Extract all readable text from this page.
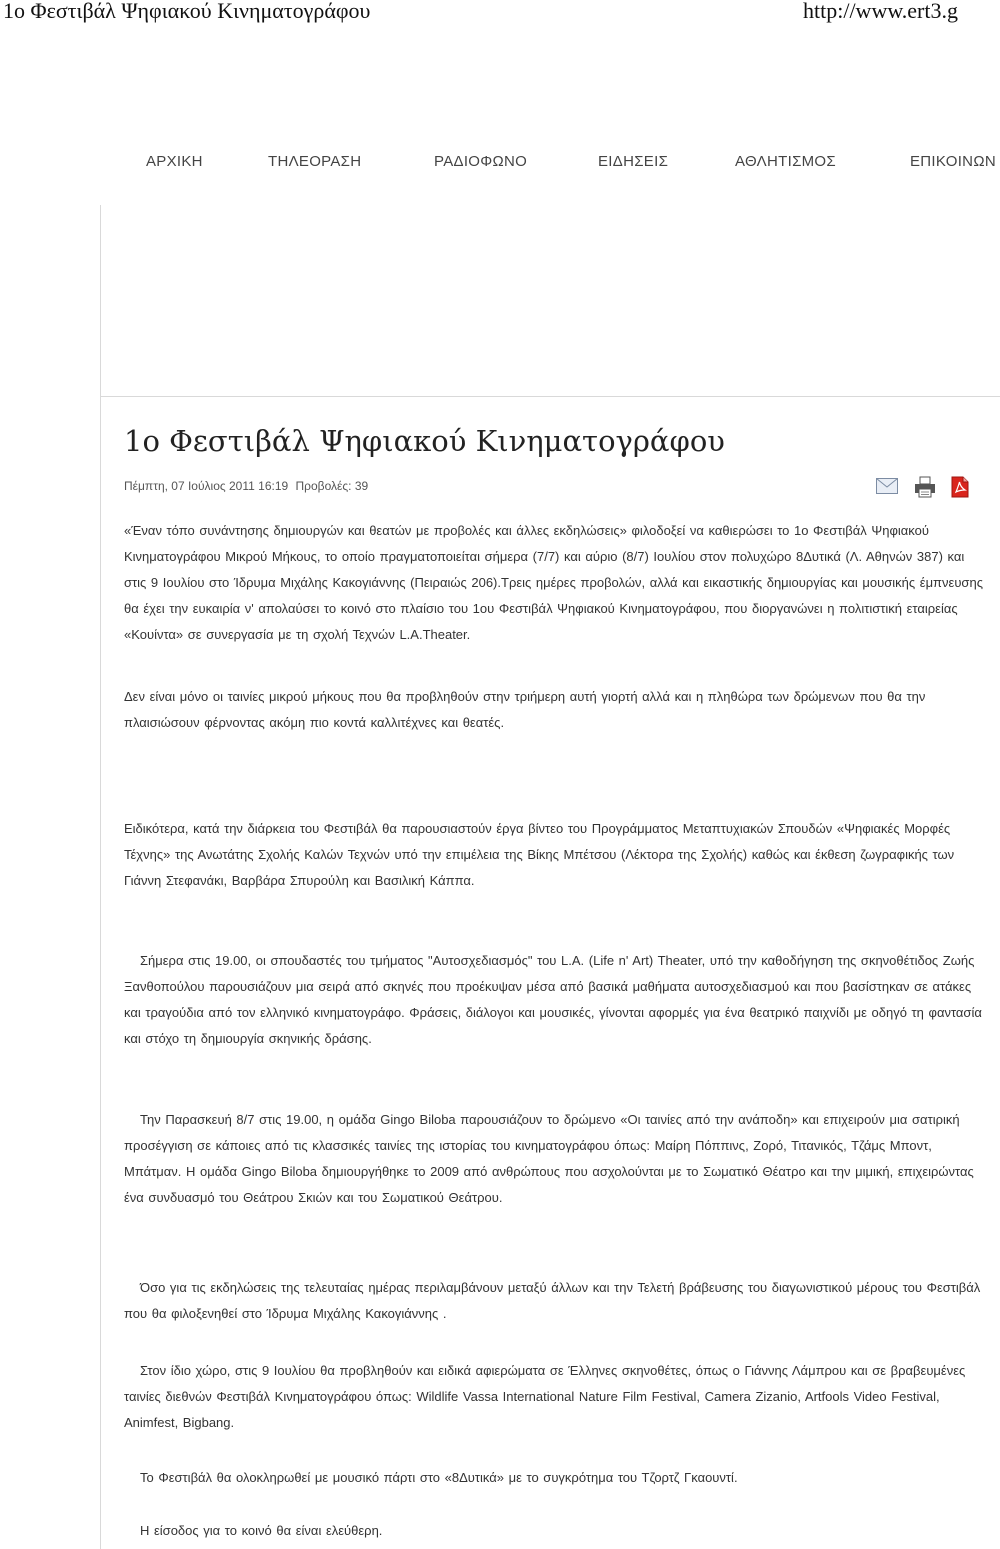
1ο Φεστιβάλ Ψηφιακού Κινηματογράφου	http://www.ert3.g
ΑΡΧΙΚΗ	ΤΗΛΕΟΡΑΣΗ	ΡΑΔΙΟΦΩΝΟ	ΕΙΔΗΣΕΙΣ	ΑΘΛΗΤΙΣΜΟΣ	ΕΠΙΚΟΙΝΩΝ
1ο Φεστιβάλ Ψηφιακού Κινηματογράφου
Πέμπτη, 07 Ιούλιος 2011 16:19 Προβολές: 39

«Έναν τόπο συνάντησης δημιουργών και θεατών με προβολές και άλλες εκδηλώσεις» φιλοδοξεί να καθιερώσει το 1ο Φεστιβάλ Ψηφιακού Κινηματογράφου Μικρού Μήκους, το οποίο πραγματοποιείται σήμερα (7/7) και αύριο (8/7) Ιουλίου στον πολυχώρο 8Δυτικά (Λ. Αθηνών 387) και στις 9 Ιουλίου στο Ίδρυμα Μιχάλης Κακογιάννης (Πειραιώς 206).Τρεις ημέρες προβολών, αλλά και εικαστικής δημιουργίας και μουσικής έμπνευσης θα έχει την ευκαιρία ν' απολαύσει το κοινό στο πλαίσιο του 1ου Φεστιβάλ Ψηφιακού Κινηματογράφου, που διοργανώνει η πολιτιστική εταιρείας «Κουίντα» σε συνεργασία με τη σχολή Τεχνών L.A.Theater.

Δεν είναι μόνο οι ταινίες μικρού μήκους που θα προβληθούν στην τριήμερη αυτή γιορτή αλλά και η πληθώρα των δρώμενων που θα την πλαισιώσουν φέρνοντας ακόμη πιο κοντά καλλιτέχνες και θεατές.

Ειδικότερα, κατά την διάρκεια του Φεστιβάλ θα παρουσιαστούν έργα βίντεο του Προγράμματος Μεταπτυχιακών Σπουδών «Ψηφιακές Μορφές Τέχνης» της Ανωτάτης Σχολής Καλών Τεχνών υπό την επιμέλεια της Βίκης Μπέτσου (Λέκτορα της Σχολής) καθώς και έκθεση ζωγραφικής των Γιάννη Στεφανάκι, Βαρβάρα Σπυρούλη και Βασιλική Κάππα.

Σήμερα στις 19.00, οι σπουδαστές του τμήματος "Αυτοσχεδιασμός" του L.A. (Life n' Art) Theater, υπό την καθοδήγηση της σκηνοθέτιδος Ζωής Ξανθοπούλου παρουσιάζουν μια σειρά από σκηνές που προέκυψαν μέσα από βασικά μαθήματα αυτοσχεδιασμού και που βασίστηκαν σε ατάκες και τραγούδια από τον ελληνικό κινηματογράφο. Φράσεις, διάλογοι και μουσικές, γίνονται αφορμές για ένα θεατρικό παιχνίδι με οδηγό τη φαντασία και στόχο τη δημιουργία σκηνικής δράσης.

Την Παρασκευή 8/7 στις 19.00, η ομάδα Gingo Biloba παρουσιάζουν το δρώμενο «Οι ταινίες από την ανάποδη» και επιχειρούν μια σατιρική προσέγγιση σε κάποιες από τις κλασσικές ταινίες της ιστορίας του κινηματογράφου όπως: Μαίρη Πόππινς, Ζορό, Τιτανικός, Τζάμς Μποντ, Μπάτμαν. Η ομάδα Gingo Biloba δημιουργήθηκε το 2009 από ανθρώπους που ασχολούνται με το Σωματικό Θέατρο και την μιμική, επιχειρώντας ένα συνδυασμό του Θεάτρου Σκιών και του Σωματικού Θεάτρου.

Όσο για τις εκδηλώσεις της τελευταίας ημέρας περιλαμβάνουν μεταξύ άλλων και την Τελετή βράβευσης του διαγωνιστικού μέρους του Φεστιβάλ που θα φιλοξενηθεί στο Ίδρυμα Μιχάλης Κακογιάννης .

Στον ίδιο χώρο, στις 9 Ιουλίου θα προβληθούν και ειδικά αφιερώματα σε Έλληνες σκηνοθέτες, όπως ο Γιάννης Λάμπρου και σε βραβευμένες ταινίες διεθνών Φεστιβάλ Κινηματογράφου όπως: Wildlife Vassa International Nature Film Festival, Camera Zizanio, Artfools Video Festival, Animfest, Bigbang.

Το Φεστιβάλ θα ολοκληρωθεί με μουσικό πάρτι στο «8Δυτικά» με το συγκρότημα του Τζορτζ Γκαουντί.

Η είσοδος για το κοινό θα είναι ελεύθερη.
